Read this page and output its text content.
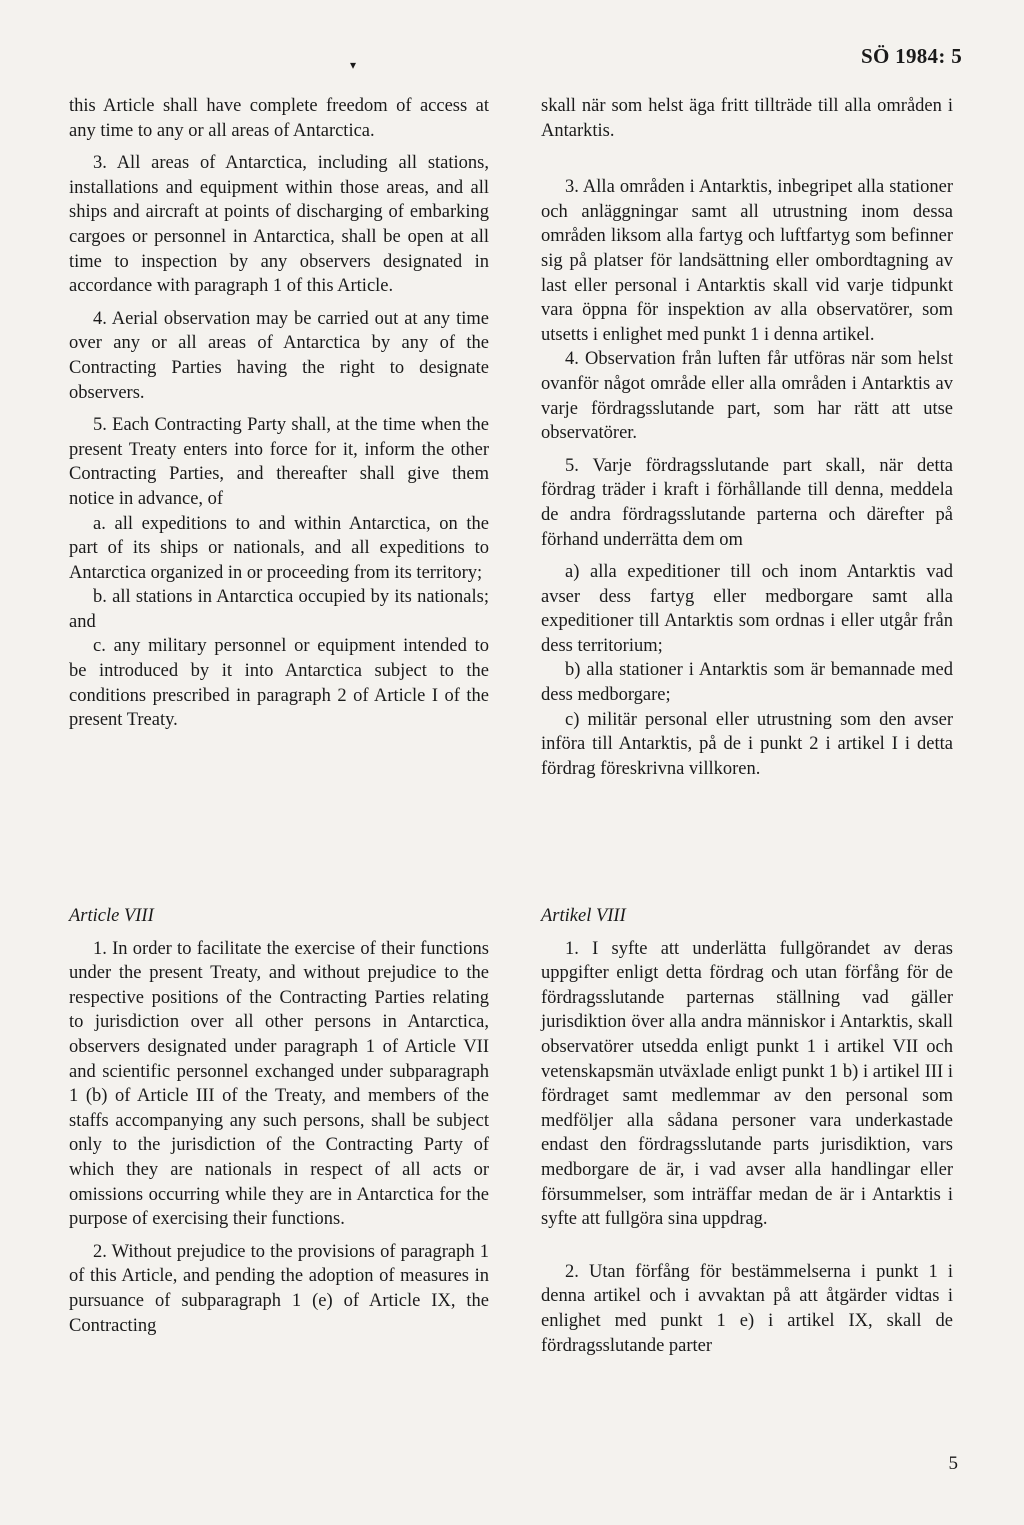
▾	SÖ 1984: 5

this Article shall have complete freedom of access at any time to any or all areas of Antarctica.

3. All areas of Antarctica, including all stations, installations and equipment within those areas, and all ships and aircraft at points of discharging of embarking cargoes or personnel in Antarctica, shall be open at all time to inspection by any observers designated in accordance with paragraph 1 of this Article.

4. Aerial observation may be carried out at any time over any or all areas of Antarctica by any of the Contracting Parties having the right to designate observers.

5. Each Contracting Party shall, at the time when the present Treaty enters into force for it, inform the other Contracting Parties, and thereafter shall give them notice in advance, of

a. all expeditions to and within Antarctica, on the part of its ships or nationals, and all expeditions to Antarctica organized in or proceeding from its territory;

b. all stations in Antarctica occupied by its nationals; and

c. any military personnel or equipment intended to be introduced by it into Antarctica subject to the conditions prescribed in paragraph 2 of Article I of the present Treaty.

skall när som helst äga fritt tillträde till alla områden i Antarktis.

3. Alla områden i Antarktis, inbegripet alla stationer och anläggningar samt all utrustning inom dessa områden liksom alla fartyg och luftfartyg som befinner sig på platser för landsättning eller ombordtagning av last eller personal i Antarktis skall vid varje tidpunkt vara öppna för inspektion av alla observatörer, som utsetts i enlighet med punkt 1 i denna artikel.

4. Observation från luften får utföras när som helst ovanför något område eller alla områden i Antarktis av varje fördragsslutande part, som har rätt att utse observatörer.

5. Varje fördragsslutande part skall, när detta fördrag träder i kraft i förhållande till denna, meddela de andra fördragsslutande parterna och därefter på förhand underrätta dem om

a) alla expeditioner till och inom Antarktis vad avser dess fartyg eller medborgare samt alla expeditioner till Antarktis som ordnas i eller utgår från dess territorium;

b) alla stationer i Antarktis som är bemannade med dess medborgare;

c) militär personal eller utrustning som den avser införa till Antarktis, på de i punkt 2 i artikel I i detta fördrag föreskrivna villkoren.

Article VIII

1. In order to facilitate the exercise of their functions under the present Treaty, and without prejudice to the respective positions of the Contracting Parties relating to jurisdiction over all other persons in Antarctica, observers designated under paragraph 1 of Article VII and scientific personnel exchanged under subparagraph 1 (b) of Article III of the Treaty, and members of the staffs accompanying any such persons, shall be subject only to the jurisdiction of the Contracting Party of which they are nationals in respect of all acts or omissions occurring while they are in Antarctica for the purpose of exercising their functions.

2. Without prejudice to the provisions of paragraph 1 of this Article, and pending the adoption of measures in pursuance of subparagraph 1 (e) of Article IX, the Contracting

Artikel VIII

1. I syfte att underlätta fullgörandet av deras uppgifter enligt detta fördrag och utan förfång för de fördragsslutande parternas ställning vad gäller jurisdiktion över alla andra människor i Antarktis, skall observatörer utsedda enligt punkt 1 i artikel VII och vetenskapsmän utväxlade enligt punkt 1 b) i artikel III i fördraget samt medlemmar av den personal som medföljer alla sådana personer vara underkastade endast den fördragsslutande parts jurisdiktion, vars medborgare de är, i vad avser alla handlingar eller försummelser, som inträffar medan de är i Antarktis i syfte att fullgöra sina uppdrag.

2. Utan förfång för bestämmelserna i punkt 1 i denna artikel och i avvaktan på att åtgärder vidtas i enlighet med punkt 1 e) i artikel IX, skall de fördragsslutande parter

5
